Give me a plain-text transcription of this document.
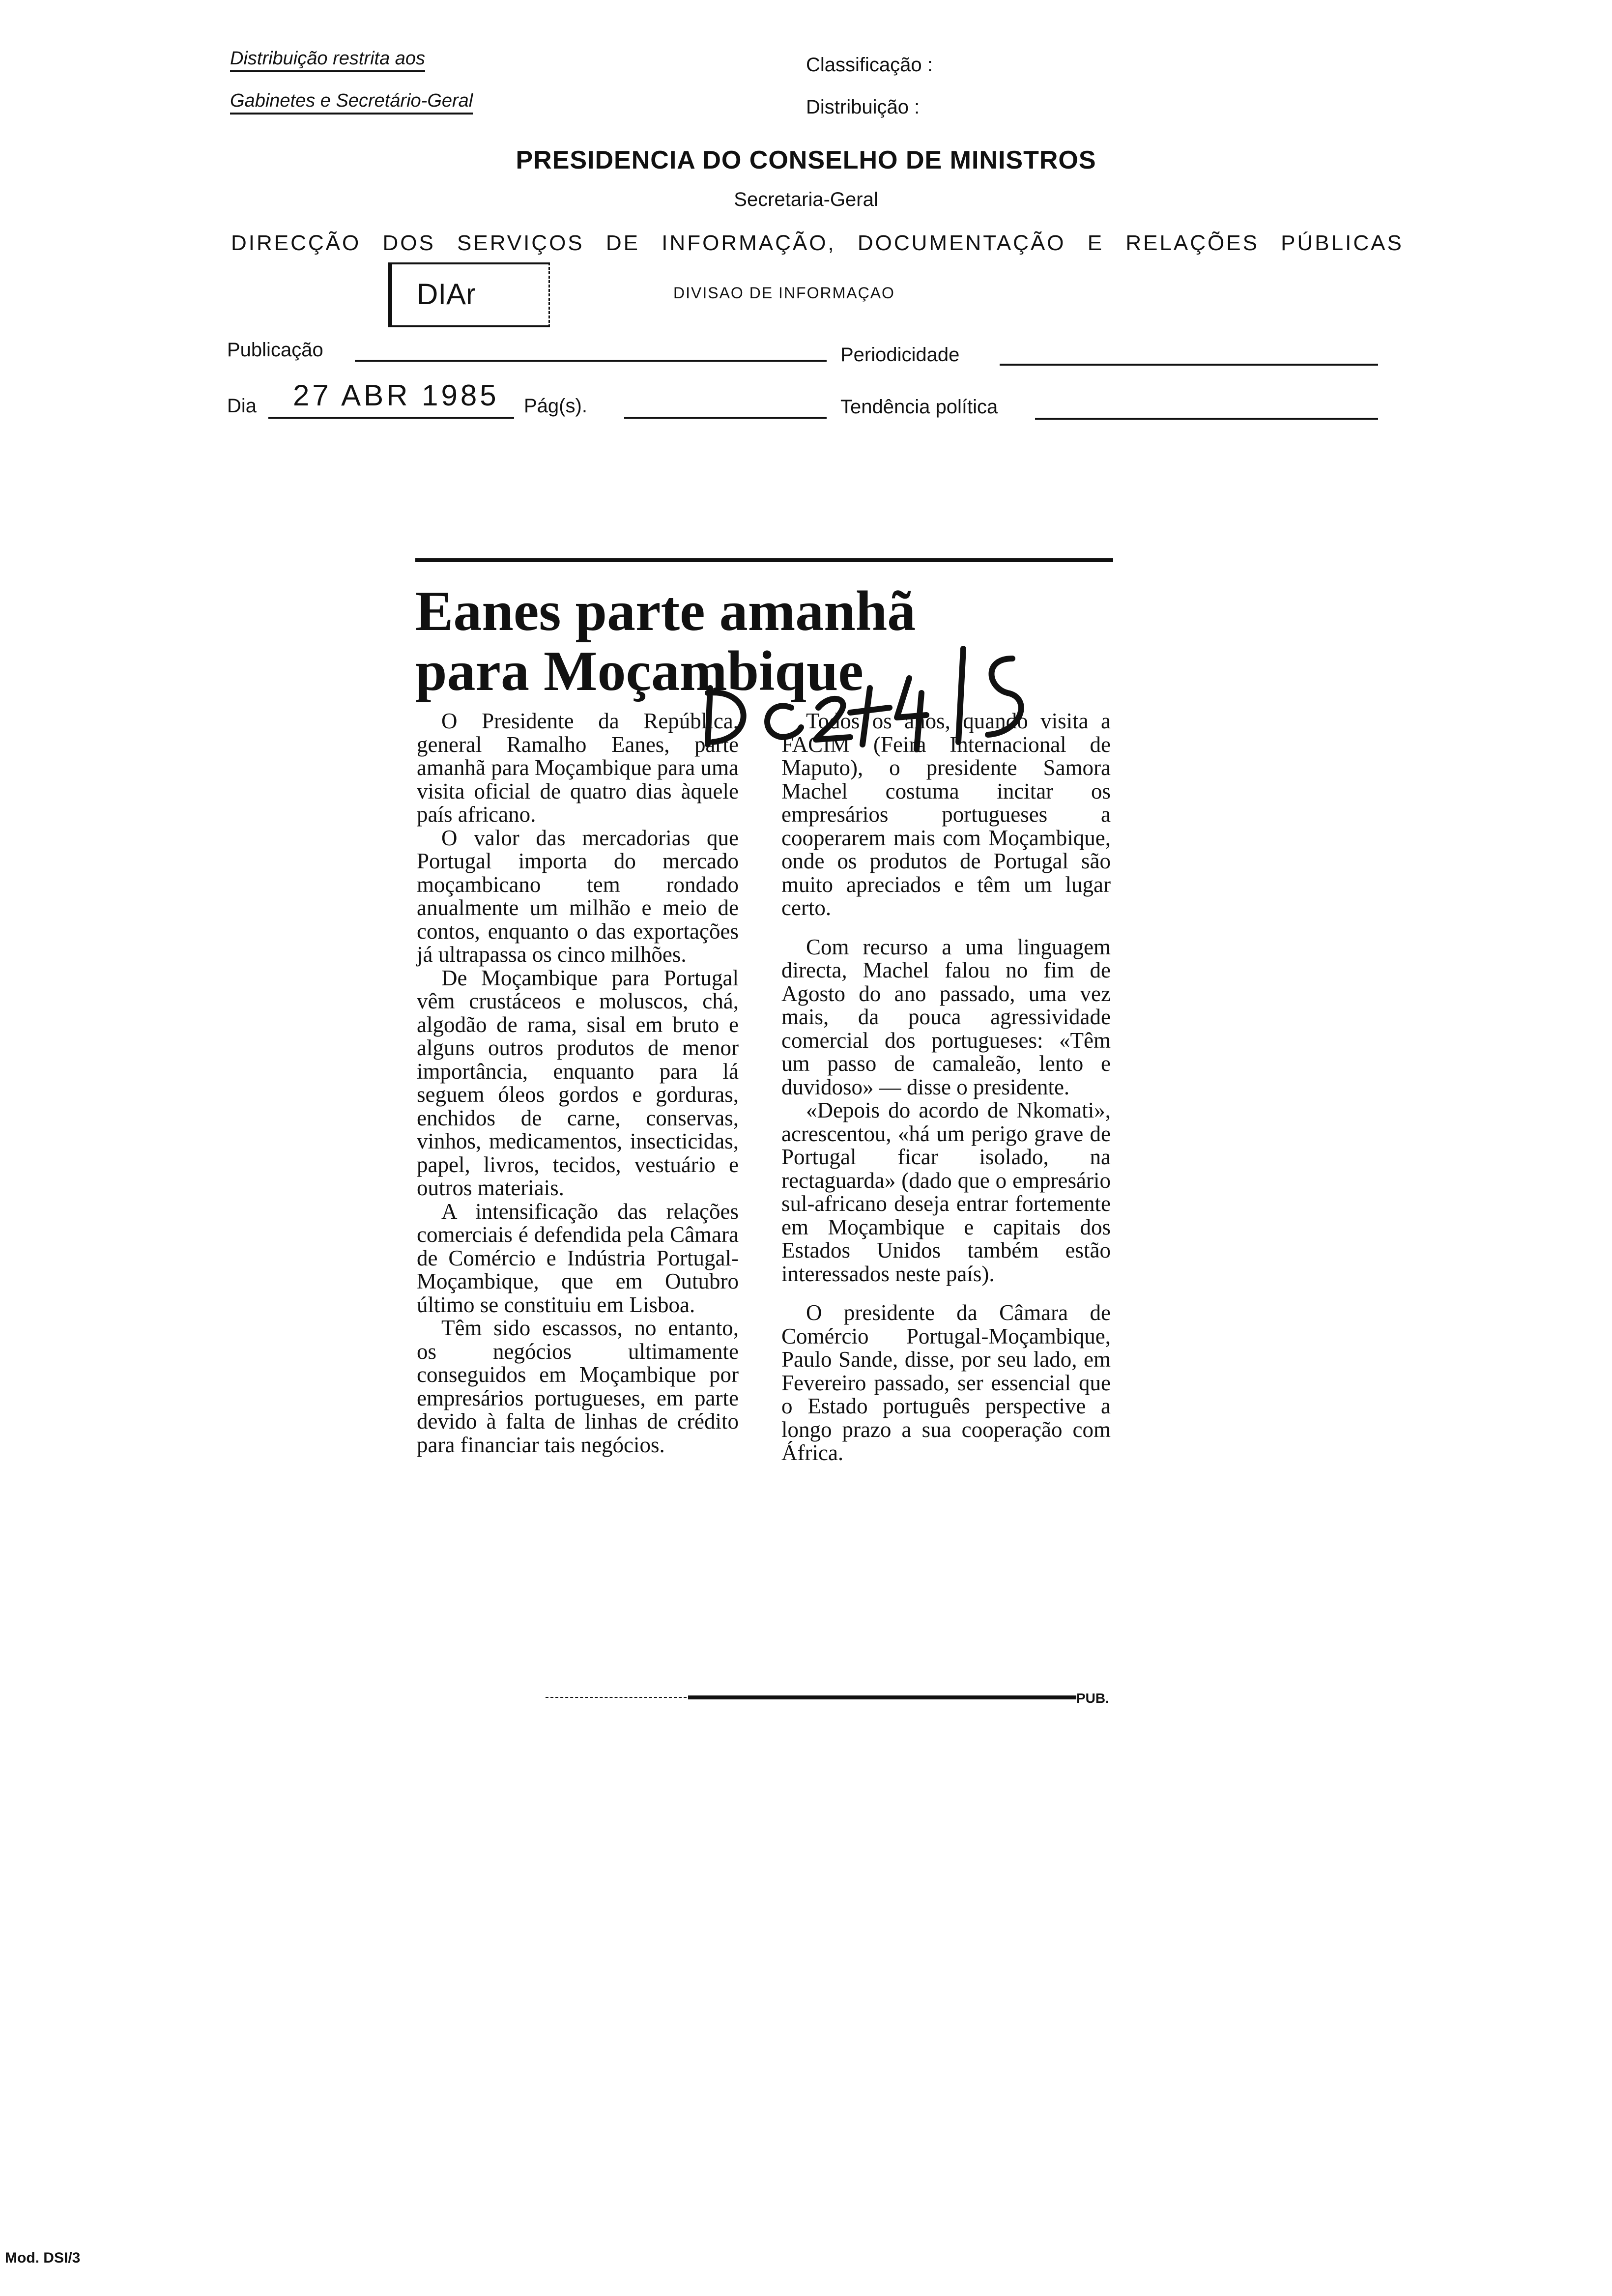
Distribuição restrita aos
Gabinetes e Secretário-Geral
Classificação :
Distribuição :
PRESIDENCIA DO CONSELHO DE MINISTROS
Secretaria-Geral
DIRECÇÃO DOS SERVIÇOS DE INFORMAÇÃO, DOCUMENTAÇÃO E RELAÇÕES PÚBLICAS
DIAr	DIVISAO DE INFORMAÇAO
Publicação	Periodicidade
Dia 27 ABR 1985 Pág(s).	Tendência política
Eanes parte amanhã
para Moçambique

O Presidente da República, general Ramalho Eanes, parte amanhã para Moçambique para uma visita oficial de quatro dias àquele país africano.

O valor das mercadorias que Portugal importa do mercado moçambicano tem rondado anualmente um milhão e meio de contos, enquanto o das exportações já ultrapassa os cinco milhões.

De Moçambique para Portugal vêm crustáceos e moluscos, chá, algodão de rama, sisal em bruto e alguns outros produtos de menor importância, enquanto para lá seguem óleos gordos e gorduras, enchidos de carne, conservas, vinhos, medicamentos, insecticidas, papel, livros, tecidos, vestuário e outros materiais.

A intensificação das relações comerciais é defendida pela Câmara de Comércio e Indústria Portugal-Moçambique, que em Outubro último se constituiu em Lisboa.

Têm sido escassos, no entanto, os negócios ultimamente conseguidos em Moçambique por empresários portugueses, em parte devido à falta de linhas de crédito para financiar tais negócios.

Todos os anos, quando visita a FACIM (Feira Internacional de Maputo), o presidente Samora Machel costuma incitar os empresários portugueses a cooperarem mais com Moçambique, onde os produtos de Portugal são muito apreciados e têm um lugar certo.

Com recurso a uma linguagem directa, Machel falou no fim de Agosto do ano passado, uma vez mais, da pouca agressividade comercial dos portugueses: «Têm um passo de camaleão, lento e duvidoso» — disse o presidente.

«Depois do acordo de Nkomati», acrescentou, «há um perigo grave de Portugal ficar isolado, na rectaguarda» (dado que o empresário sul-africano deseja entrar fortemente em Moçambique e capitais dos Estados Unidos também estão interessados neste país).

O presidente da Câmara de Comércio Portugal-Moçambique, Paulo Sande, disse, por seu lado, em Fevereiro passado, ser essencial que o Estado português perspective a longo prazo a sua cooperação com África.

PUB.
Mod. DSI/3
